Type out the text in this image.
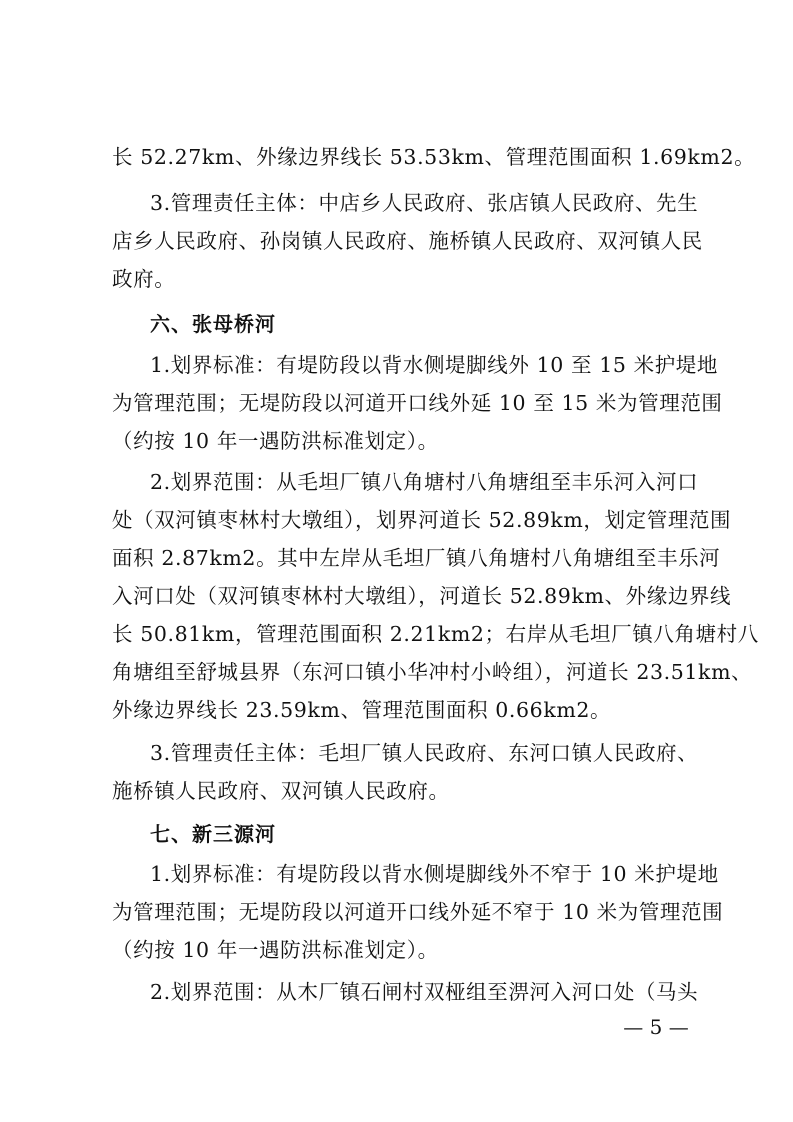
长 52.27km、外缘边界线长 53.53km、管理范围面积 1.69km2。
3.管理责任主体：中店乡人民政府、张店镇人民政府、先生
店乡人民政府、孙岗镇人民政府、施桥镇人民政府、双河镇人民
政府。
六、张母桥河
1.划界标准：有堤防段以背水侧堤脚线外 10 至 15 米护堤地
为管理范围；无堤防段以河道开口线外延 10 至 15 米为管理范围
（约按 10 年一遇防洪标准划定）。
2.划界范围：从毛坦厂镇八角塘村八角塘组至丰乐河入河口
处（双河镇枣林村大墩组），划界河道长 52.89km，划定管理范围
面积 2.87km2。其中左岸从毛坦厂镇八角塘村八角塘组至丰乐河
入河口处（双河镇枣林村大墩组），河道长 52.89km、外缘边界线
长 50.81km，管理范围面积 2.21km2；右岸从毛坦厂镇八角塘村八
角塘组至舒城县界（东河口镇小华冲村小岭组），河道长 23.51km、
外缘边界线长 23.59km、管理范围面积 0.66km2。
3.管理责任主体：毛坦厂镇人民政府、东河口镇人民政府、
施桥镇人民政府、双河镇人民政府。
七、新三源河
1.划界标准：有堤防段以背水侧堤脚线外不窄于 10 米护堤地
为管理范围；无堤防段以河道开口线外延不窄于 10 米为管理范围
（约按 10 年一遇防洪标准划定）。
2.划界范围：从木厂镇石闸村双桠组至淠河入河口处（马头
— 5 —
